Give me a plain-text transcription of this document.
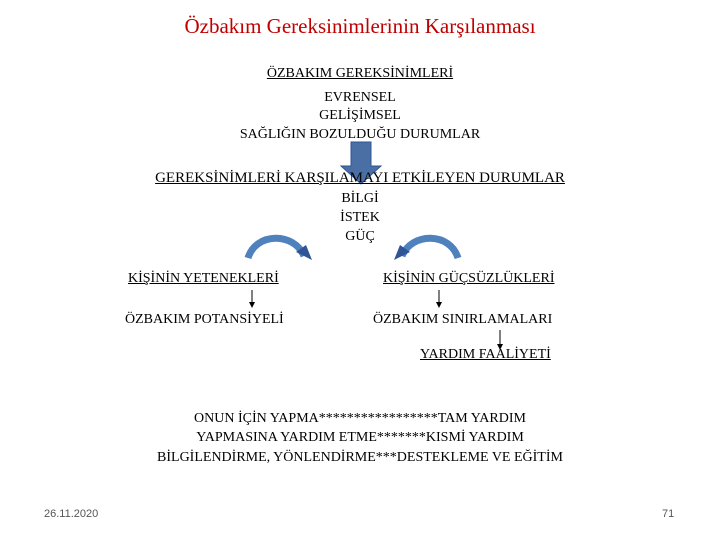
Özbakım Gereksinimlerinin Karşılanması
ÖZBAKIM GEREKSİNİMLERİ
EVRENSEL
GELİŞİMSEL
SAĞLIĞIN BOZULDUĞU DURUMLAR
GEREKSİNİMLERİ KARŞILAMAYI ETKİLEYEN DURUMLAR
BİLGİ
İSTEK
GÜÇ
KİŞİNİN YETENEKLERİ
ÖZBAKIM POTANSİYELİ
KİŞİNİN GÜÇSÜZLÜKLERİ
ÖZBAKIM SINIRLAMALARI
YARDIM FAALİYETİ
ONUN İÇİN YAPMA*****************TAM YARDIM
YAPMASINA YARDIM ETME*******KISMİ YARDIM
BİLGİLENDİRME, YÖNLENDİRME***DESTEKLEME VE EĞİTİM
26.11.2020	71
